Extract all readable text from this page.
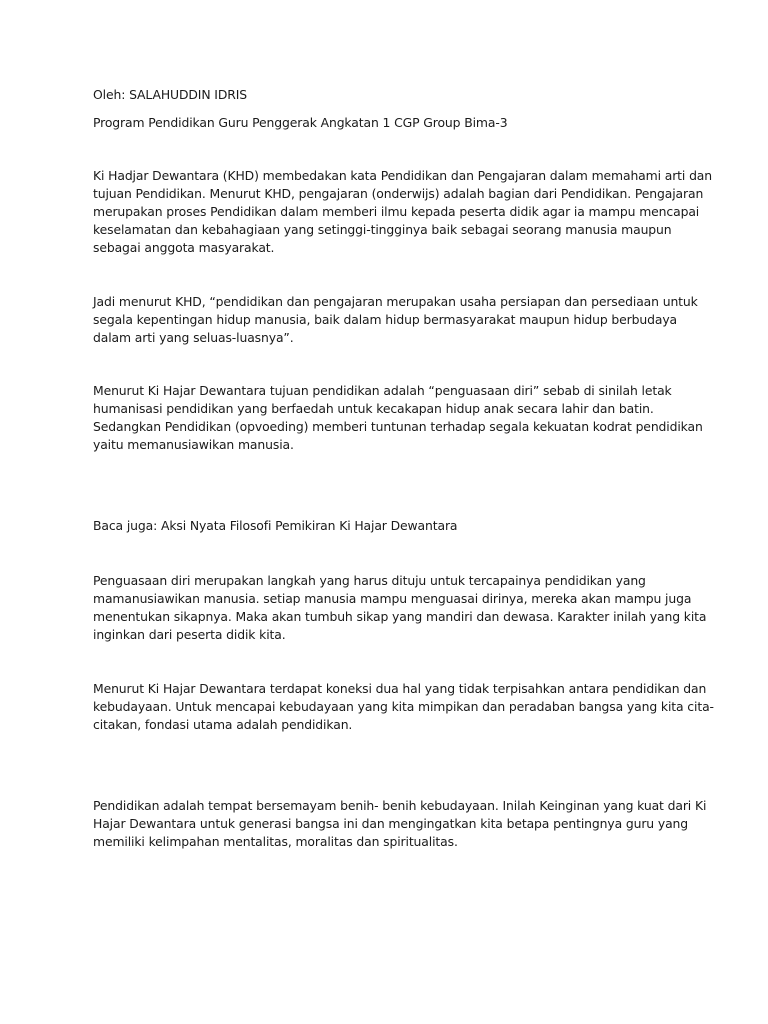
Oleh: SALAHUDDIN IDRIS

Program Pendidikan Guru Penggerak Angkatan 1 CGP Group Bima-3

Ki Hadjar Dewantara (KHD) membedakan kata Pendidikan dan Pengajaran dalam memahami arti dan

tujuan Pendidikan. Menurut KHD, pengajaran (onderwijs) adalah bagian dari Pendidikan. Pengajaran

merupakan proses Pendidikan dalam memberi ilmu kepada peserta didik agar ia mampu mencapai

keselamatan dan kebahagiaan yang setinggi-tingginya baik sebagai seorang manusia maupun

sebagai anggota masyarakat.

Jadi menurut KHD, “pendidikan dan pengajaran merupakan usaha persiapan dan persediaan untuk

segala kepentingan hidup manusia, baik dalam hidup bermasyarakat maupun hidup berbudaya

dalam arti yang seluas-luasnya”.

Menurut Ki Hajar Dewantara tujuan pendidikan adalah “penguasaan diri” sebab di sinilah letak

humanisasi pendidikan yang berfaedah untuk kecakapan hidup anak secara lahir dan batin.

Sedangkan Pendidikan (opvoeding) memberi tuntunan terhadap segala kekuatan kodrat pendidikan

yaitu memanusiawikan manusia.

Baca juga: Aksi Nyata Filosofi Pemikiran Ki Hajar Dewantara

Penguasaan diri merupakan langkah yang harus dituju untuk tercapainya pendidikan yang

mamanusiawikan manusia. setiap manusia mampu menguasai dirinya, mereka akan mampu juga

menentukan sikapnya. Maka akan tumbuh sikap yang mandiri dan dewasa. Karakter inilah yang kita

inginkan dari peserta didik kita.

Menurut Ki Hajar Dewantara terdapat koneksi dua hal yang tidak terpisahkan antara pendidikan dan

kebudayaan. Untuk mencapai kebudayaan yang kita mimpikan dan peradaban bangsa yang kita cita-

citakan, fondasi utama adalah pendidikan.

Pendidikan adalah tempat bersemayam benih- benih kebudayaan. Inilah Keinginan yang kuat dari Ki

Hajar Dewantara untuk generasi bangsa ini dan mengingatkan kita betapa pentingnya guru yang

memiliki kelimpahan mentalitas, moralitas dan spiritualitas.
